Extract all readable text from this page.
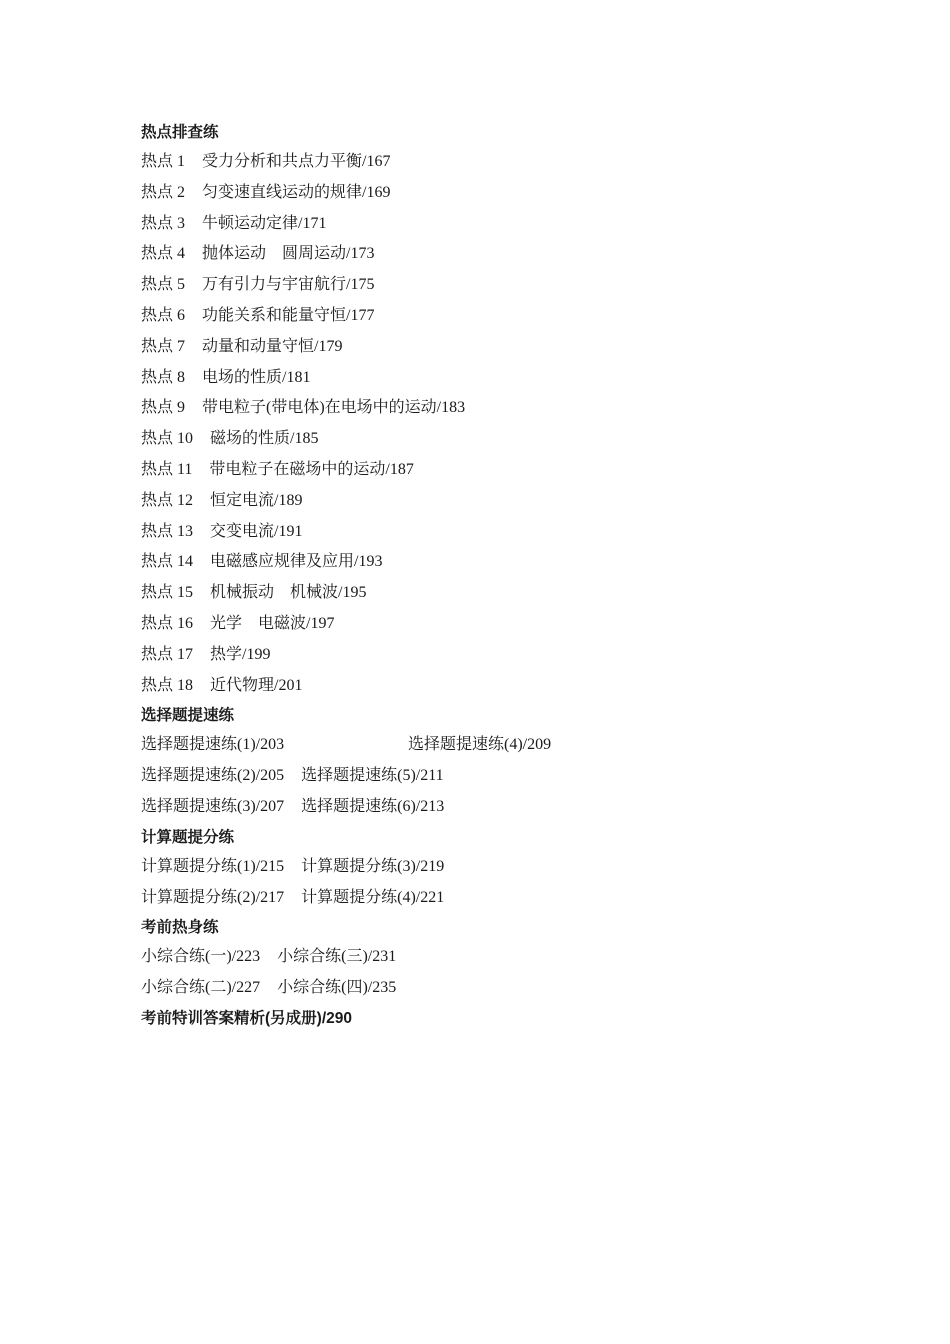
热点排查练
热点 1 受力分析和共点力平衡/167
热点 2 匀变速直线运动的规律/169
热点 3 牛顿运动定律/171
热点 4 抛体运动　圆周运动/173
热点 5 万有引力与宇宙航行/175
热点 6 功能关系和能量守恒/177
热点 7 动量和动量守恒/179
热点 8 电场的性质/181
热点 9 带电粒子(带电体)在电场中的运动/183
热点 10 磁场的性质/185
热点 11 带电粒子在磁场中的运动/187
热点 12 恒定电流/189
热点 13 交变电流/191
热点 14 电磁感应规律及应用/193
热点 15 机械振动　机械波/195
热点 16 光学　电磁波/197
热点 17 热学/199
热点 18 近代物理/201
选择题提速练
选择题提速练(1)/203	选择题提速练(4)/209
选择题提速练(2)/205 选择题提速练(5)/211
选择题提速练(3)/207 选择题提速练(6)/213
计算题提分练
计算题提分练(1)/215 计算题提分练(3)/219
计算题提分练(2)/217 计算题提分练(4)/221
考前热身练
小综合练(一)/223 小综合练(三)/231
小综合练(二)/227 小综合练(四)/235
考前特训答案精析(另成册)/290
